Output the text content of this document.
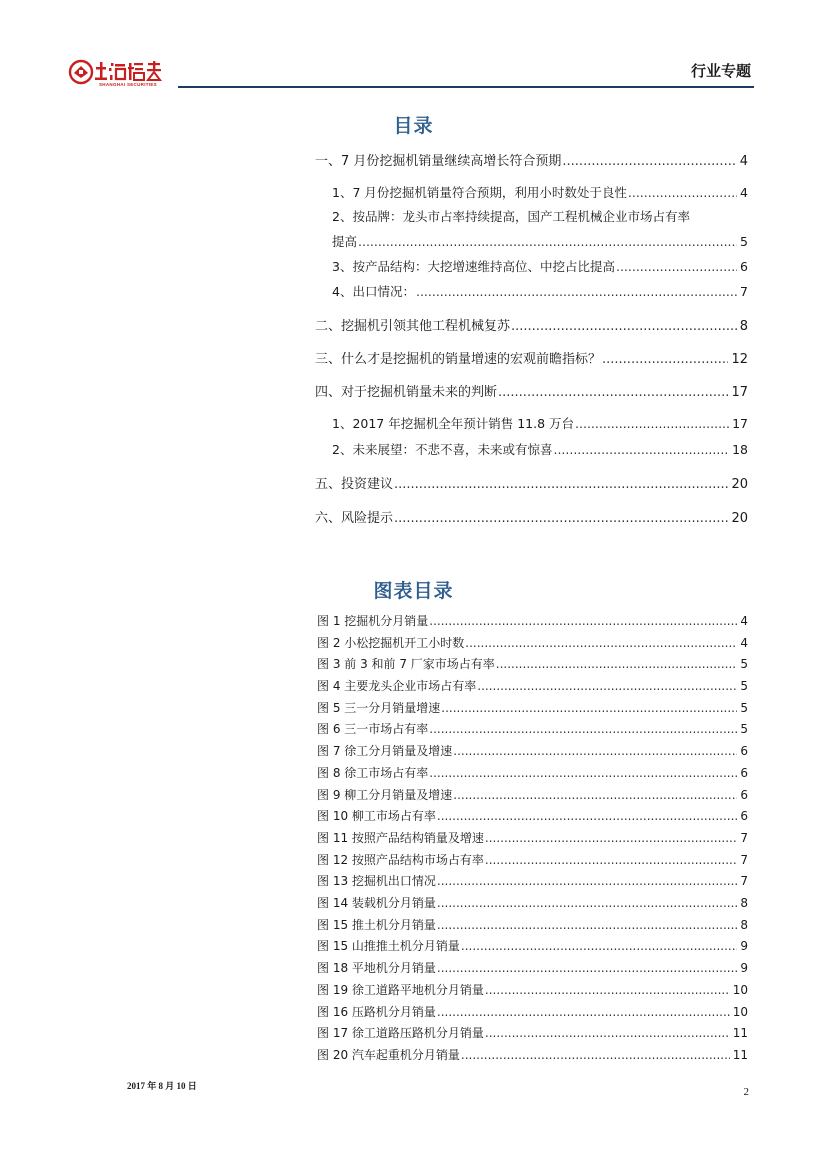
SHANGHAI SECURITIES
行业专题
目录
一、7 月份挖掘机销量继续高增长符合预期 .....	4
1、7 月份挖掘机销量符合预期，利用小时数处于良性 .....	4
2、按品牌：龙头市占率持续提高，国产工程机械企业市场占有率
提高 .....	5
3、按产品结构：大挖增速维持高位、中挖占比提高 .....	6
4、出口情况： .....	7
二、挖掘机引领其他工程机械复苏 .....	8
三、什么才是挖掘机的销量增速的宏观前瞻指标？ .....	12
四、对于挖掘机销量未来的判断 .....	17
1、2017 年挖掘机全年预计销售 11.8 万台 .....	17
2、未来展望：不悲不喜，未来或有惊喜 .....	18
五、投资建议 .....	20
六、风险提示 .....	20
图表目录
图 1 挖掘机分月销量 .....	4
图 2 小松挖掘机开工小时数 .....	4
图 3 前 3 和前 7 厂家市场占有率 .....	5
图 4 主要龙头企业市场占有率 .....	5
图 5 三一分月销量增速 .....	5
图 6 三一市场占有率 .....	5
图 7 徐工分月销量及增速 .....	6
图 8 徐工市场占有率 .....	6
图 9 柳工分月销量及增速 .....	6
图 10 柳工市场占有率 .....	6
图 11 按照产品结构销量及增速 .....	7
图 12 按照产品结构市场占有率 .....	7
图 13 挖掘机出口情况 .....	7
图 14 装载机分月销量 .....	8
图 15 推土机分月销量 .....	8
图 15 山推推土机分月销量 .....	9
图 18 平地机分月销量 .....	9
图 19 徐工道路平地机分月销量 .....	10
图 16 压路机分月销量 .....	10
图 17 徐工道路压路机分月销量 .....	11
图 20 汽车起重机分月销量 .....	11
2017 年 8 月 10 日	2
